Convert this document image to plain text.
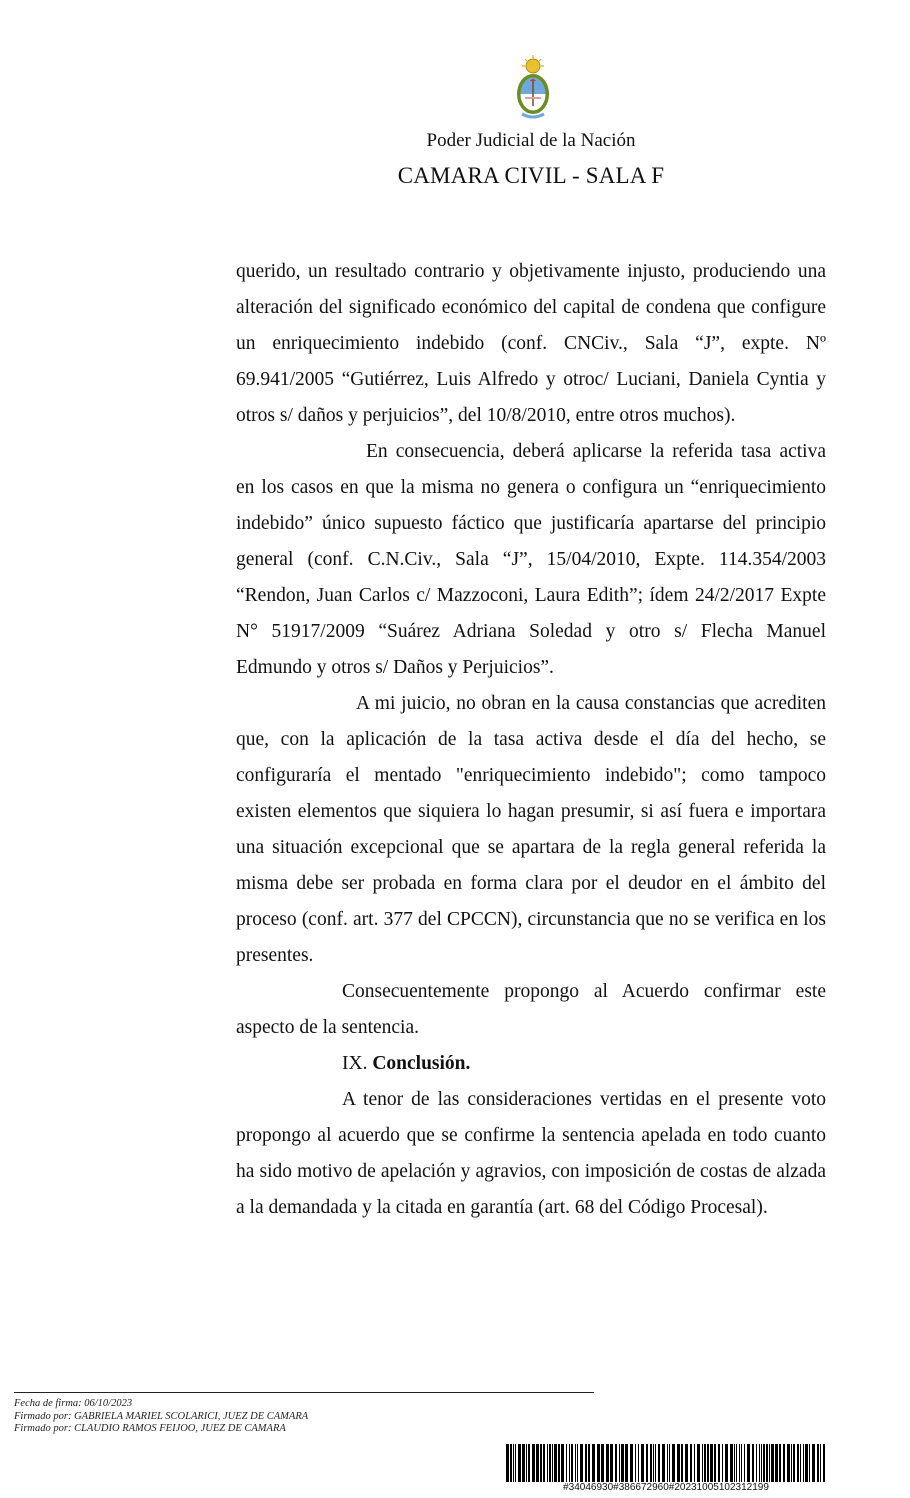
Poder Judicial de la Nación
CAMARA CIVIL - SALA F

querido, un resultado contrario y objetivamente injusto, produciendo una alteración del significado económico del capital de condena que configure un enriquecimiento indebido (conf. CNCiv., Sala “J”, expte. Nº 69.941/2005 “Gutiérrez, Luis Alfredo y otroc/ Luciani, Daniela Cyntia y otros s/ daños y perjuicios”, del 10/8/2010, entre otros muchos).

En consecuencia, deberá aplicarse la referida tasa activa en los casos en que la misma no genera o configura un “enriquecimiento indebido” único supuesto fáctico que justificaría apartarse del principio general (conf. C.N.Civ., Sala “J”, 15/04/2010, Expte. 114.354/2003 “Rendon, Juan Carlos c/ Mazzoconi, Laura Edith”; ídem 24/2/2017 Expte N° 51917/2009 “Suárez Adriana Soledad y otro s/ Flecha Manuel Edmundo y otros s/ Daños y Perjuicios”.

A mi juicio, no obran en la causa constancias que acrediten que, con la aplicación de la tasa activa desde el día del hecho, se configuraría el mentado "enriquecimiento indebido"; como tampoco existen elementos que siquiera lo hagan presumir, si así fuera e importara una situación excepcional que se apartara de la regla general referida la misma debe ser probada en forma clara por el deudor en el ámbito del proceso (conf. art. 377 del CPCCN), circunstancia que no se verifica en los presentes.

Consecuentemente propongo al Acuerdo confirmar este aspecto de la sentencia.

IX. Conclusión.

A tenor de las consideraciones vertidas en el presente voto propongo al acuerdo que se confirme la sentencia apelada en todo cuanto ha sido motivo de apelación y agravios, con imposición de costas de alzada a la demandada y la citada en garantía (art. 68 del Código Procesal).

Fecha de firma: 06/10/2023
Firmado por: GABRIELA MARIEL SCOLARICI, JUEZ DE CAMARA
Firmado por: CLAUDIO RAMOS FEIJOO, JUEZ DE CAMARA
#34046930#386672960#20231005102312199
